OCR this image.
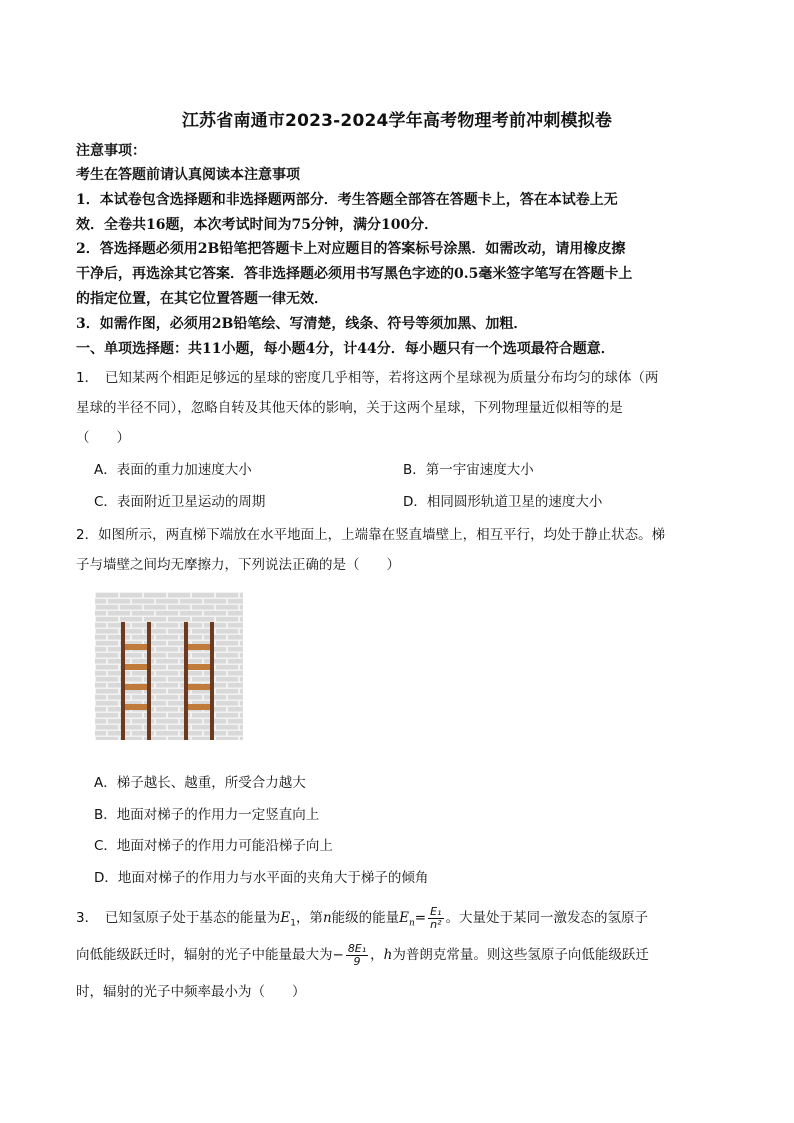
江苏省南通市2023-2024学年高考物理考前冲刺模拟卷
注意事项：
考生在答题前请认真阅读本注意事项
1．本试卷包含选择题和非选择题两部分．考生答题全部答在答题卡上，答在本试卷上无
效．全卷共16题，本次考试时间为75分钟，满分100分．
2．答选择题必须用2B铅笔把答题卡上对应题目的答案标号涂黑．如需改动，请用橡皮擦
干净后，再选涂其它答案．答非选择题必须用书写黑色字迹的0.5毫米签字笔写在答题卡上
的指定位置，在其它位置答题一律无效．
3．如需作图，必须用2B铅笔绘、写清楚，线条、符号等须加黑、加粗．
一、单项选择题：共11小题，每小题4分，计44分．每小题只有一个选项最符合题意．
1．　已知某两个相距足够远的星球的密度几乎相等，若将这两个星球视为质量分布均匀的球体（两
星球的半径不同），忽略自转及其他天体的影响，关于这两个星球，下列物理量近似相等的是
（　　）
A．表面的重力加速度大小	B．第一宇宙速度大小
C．表面附近卫星运动的周期	D．相同圆形轨道卫星的速度大小
2．如图所示，两直梯下端放在水平地面上，上端靠在竖直墙壁上，相互平行，均处于静止状态。梯
子与墙壁之间均无摩擦力，下列说法正确的是（　　）
A．梯子越长、越重，所受合力越大
B．地面对梯子的作用力一定竖直向上
C．地面对梯子的作用力可能沿梯子向上
D．地面对梯子的作用力与水平面的夹角大于梯子的倾角
3．　已知氢原子处于基态的能量为$E_1$，第n能级的能量$E_n= \frac{\text{E₁}}{\text{n²}}$ 。大量处于某同一激发态的氢原子
向低能级跃迁时，辐射的光子中能量最大为− $\frac{\text{8E₁}}{9}$ ，h为普朗克常量。则这些氢原子向低能级跃迁
时，辐射的光子中频率最小为（　　）
